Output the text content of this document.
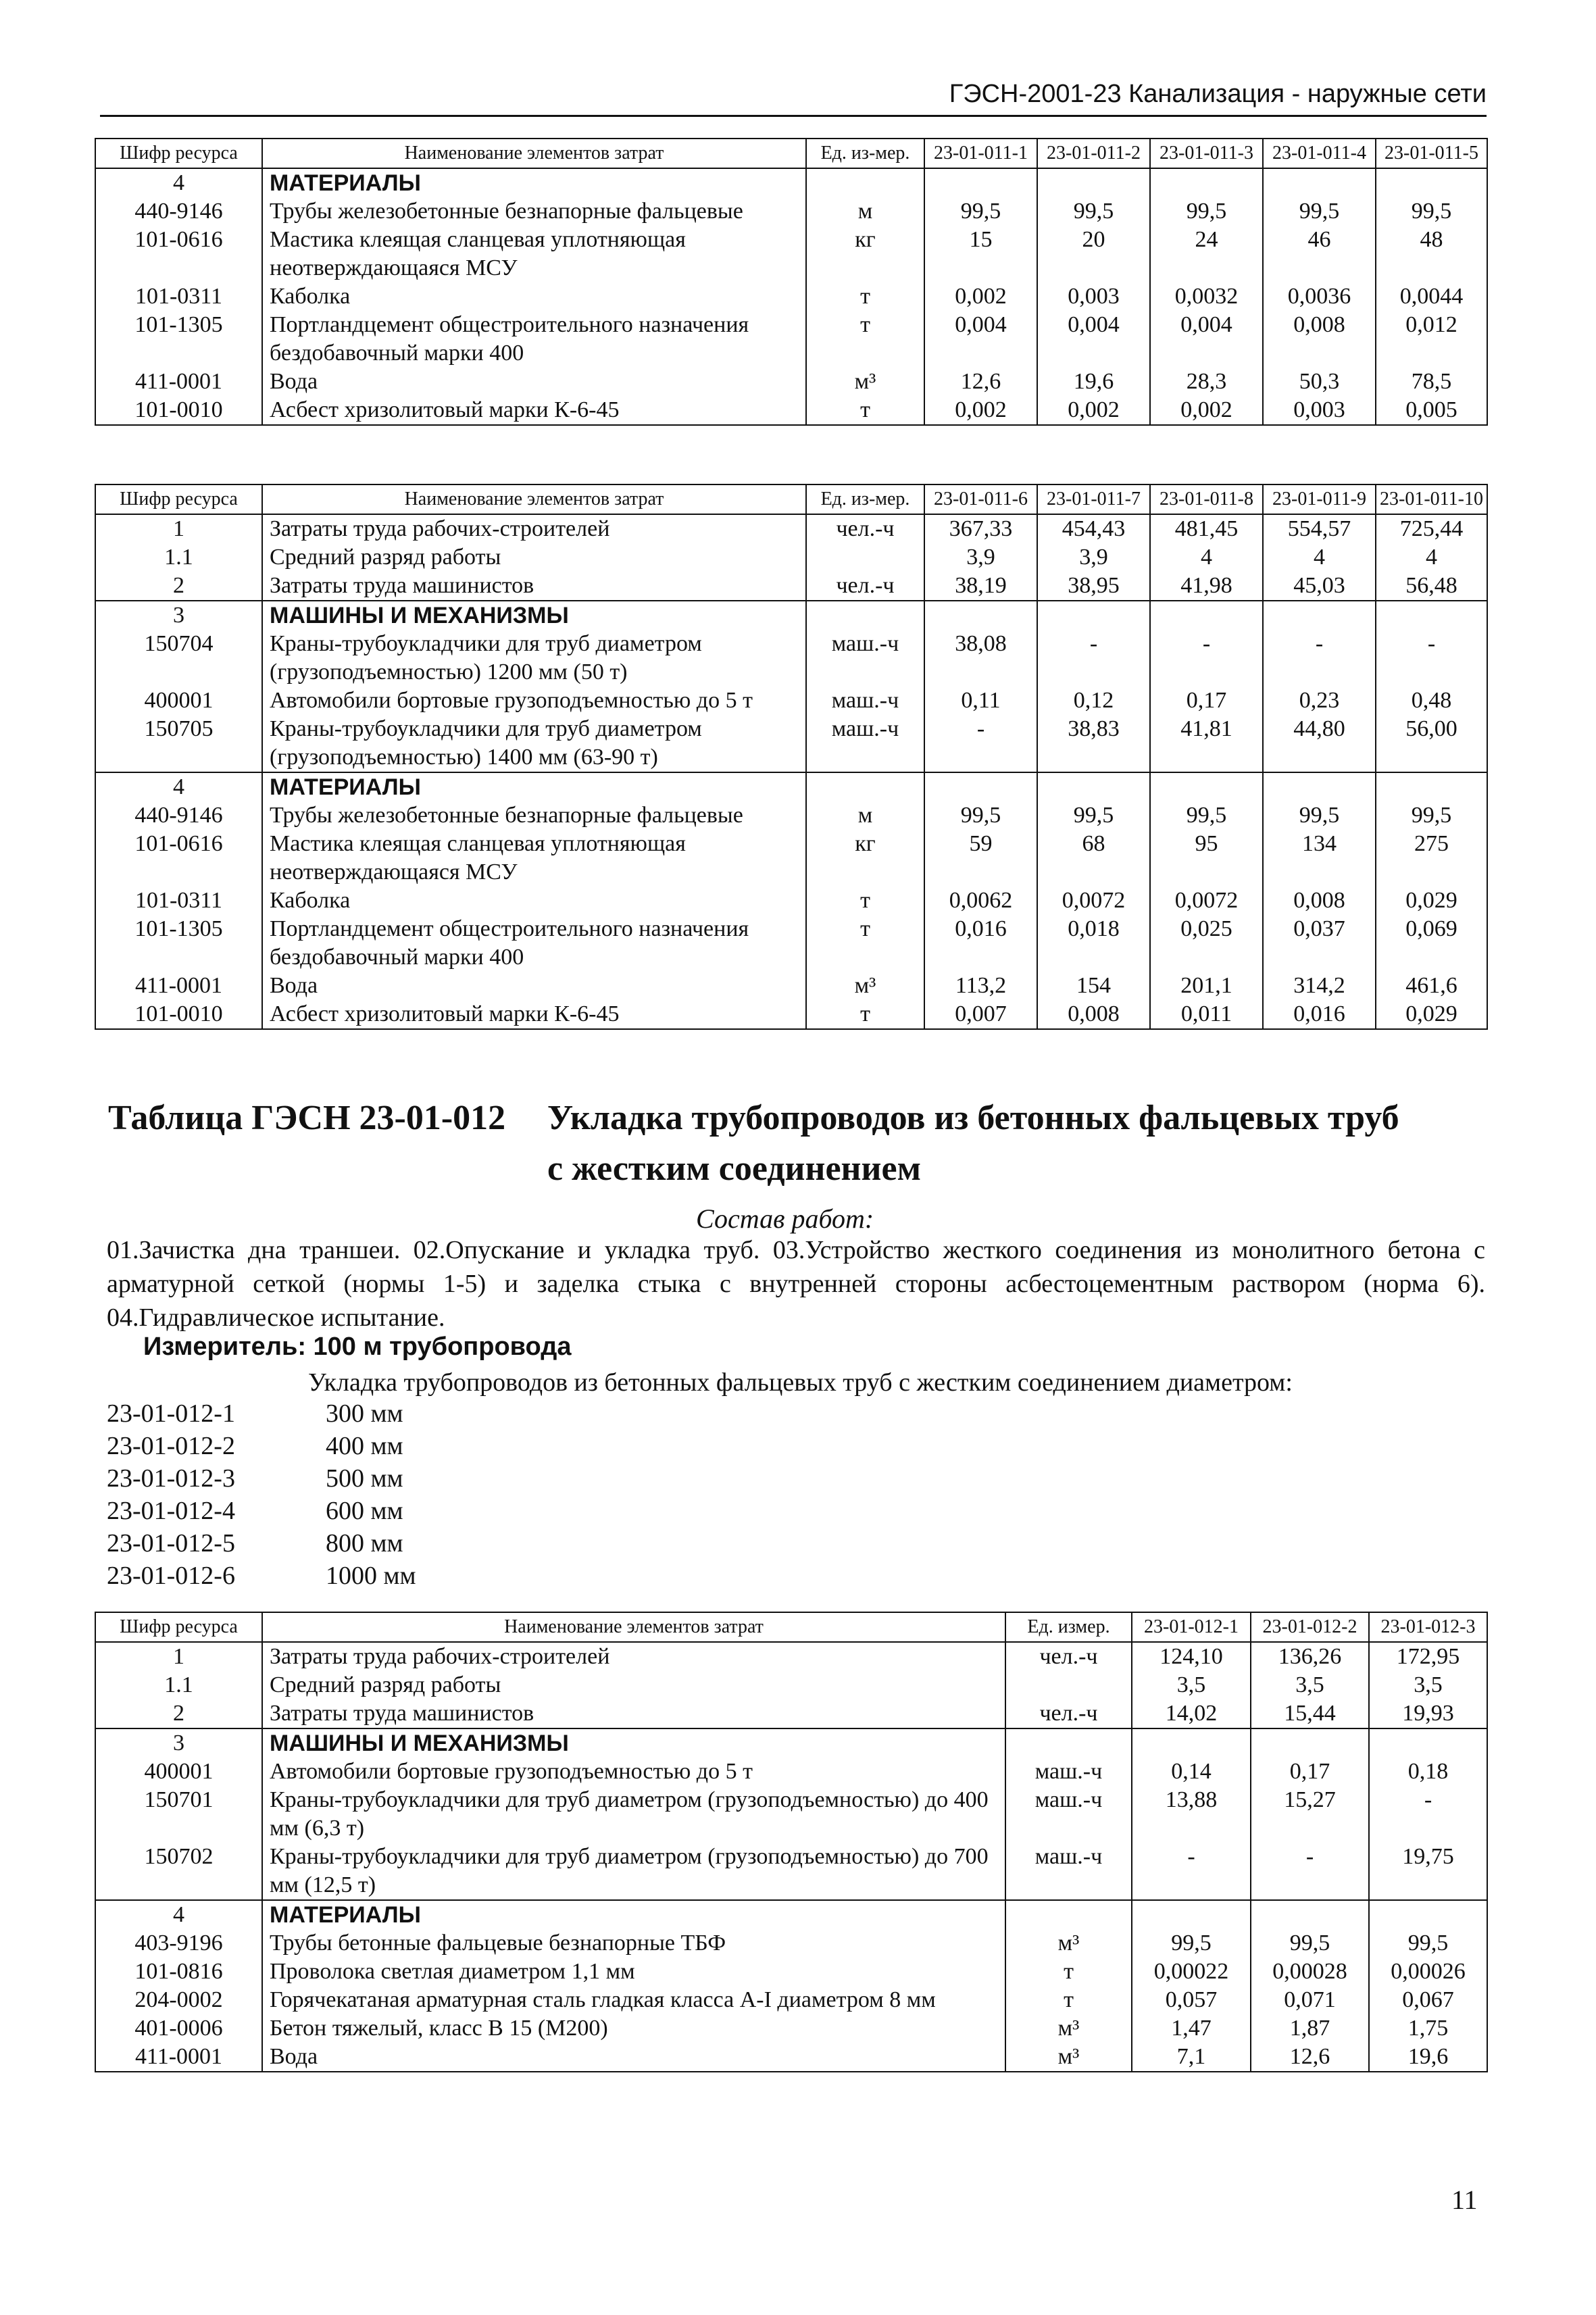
ГЭСН-2001-23 Канализация - наружные сети
Шифр ресурса	Наименование элементов затрат	Ед. из-мер.	23-01-011-1	23-01-011-2	23-01-011-3	23-01-011-4	23-01-011-5
4	МАТЕРИАЛЫ						
440-9146	Трубы железобетонные безнапорные фальцевые	м	99,5	99,5	99,5	99,5	99,5
101-0616	Мастика клеящая сланцевая уплотняющая неотверждающаяся МСУ	кг	15	20	24	46	48
101-0311	Каболка	т	0,002	0,003	0,0032	0,0036	0,0044
101-1305	Портландцемент общестроительного назначения бездобавочный марки 400	т	0,004	0,004	0,004	0,008	0,012
411-0001	Вода	м³	12,6	19,6	28,3	50,3	78,5
101-0010	Асбест хризолитовый марки К-6-45	т	0,002	0,002	0,002	0,003	0,005
Шифр ресурса	Наименование элементов затрат	Ед. из-мер.	23-01-011-6	23-01-011-7	23-01-011-8	23-01-011-9	23-01-011-10
1	Затраты труда рабочих-строителей	чел.-ч	367,33	454,43	481,45	554,57	725,44
1.1	Средний разряд работы		3,9	3,9	4	4	4
2	Затраты труда машинистов	чел.-ч	38,19	38,95	41,98	45,03	56,48
3	МАШИНЫ И МЕХАНИЗМЫ						
150704	Краны-трубоукладчики для труб диаметром (грузоподъемностью) 1200 мм (50 т)	маш.-ч	38,08	-	-	-	-
400001	Автомобили бортовые грузоподъемностью до 5 т	маш.-ч	0,11	0,12	0,17	0,23	0,48
150705	Краны-трубоукладчики для труб диаметром (грузоподъемностью) 1400 мм (63-90 т)	маш.-ч	-	38,83	41,81	44,80	56,00
4	МАТЕРИАЛЫ						
440-9146	Трубы железобетонные безнапорные фальцевые	м	99,5	99,5	99,5	99,5	99,5
101-0616	Мастика клеящая сланцевая уплотняющая неотверждающаяся МСУ	кг	59	68	95	134	275
101-0311	Каболка	т	0,0062	0,0072	0,0072	0,008	0,029
101-1305	Портландцемент общестроительного назначения бездобавочный марки 400	т	0,016	0,018	0,025	0,037	0,069
411-0001	Вода	м³	113,2	154	201,1	314,2	461,6
101-0010	Асбест хризолитовый марки К-6-45	т	0,007	0,008	0,011	0,016	0,029
Таблица ГЭСН 23-01-012 Укладка трубопроводов из бетонных фальцевых труб
с жестким соединением
Состав работ:
01.Зачистка дна траншеи. 02.Опускание и укладка труб. 03.Устройство жесткого соединения из монолитного бетона с арматурной сеткой (нормы 1-5) и заделка стыка с внутренней стороны асбестоцементным раствором (норма 6). 04.Гидравлическое испытание.
Измеритель: 100 м трубопровода
Укладка трубопроводов из бетонных фальцевых труб с жестким соединением диаметром:
23-01-012-1	300 мм
23-01-012-2	400 мм
23-01-012-3	500 мм
23-01-012-4	600 мм
23-01-012-5	800 мм
23-01-012-6	1000 мм
Шифр ресурса	Наименование элементов затрат	Ед. измер.	23-01-012-1	23-01-012-2	23-01-012-3
1	Затраты труда рабочих-строителей	чел.-ч	124,10	136,26	172,95
1.1	Средний разряд работы		3,5	3,5	3,5
2	Затраты труда машинистов	чел.-ч	14,02	15,44	19,93
3	МАШИНЫ И МЕХАНИЗМЫ				
400001	Автомобили бортовые грузоподъемностью до 5 т	маш.-ч	0,14	0,17	0,18
150701	Краны-трубоукладчики для труб диаметром (грузоподъемностью) до 400 мм (6,3 т)	маш.-ч	13,88	15,27	-
150702	Краны-трубоукладчики для труб диаметром (грузоподъемностью) до 700 мм (12,5 т)	маш.-ч	-	-	19,75
4	МАТЕРИАЛЫ				
403-9196	Трубы бетонные фальцевые безнапорные ТБФ	м³	99,5	99,5	99,5
101-0816	Проволока светлая диаметром 1,1 мм	т	0,00022	0,00028	0,00026
204-0002	Горячекатаная арматурная сталь гладкая класса А-I диаметром 8 мм	т	0,057	0,071	0,067
401-0006	Бетон тяжелый, класс В 15 (М200)	м³	1,47	1,87	1,75
411-0001	Вода	м³	7,1	12,6	19,6
11
